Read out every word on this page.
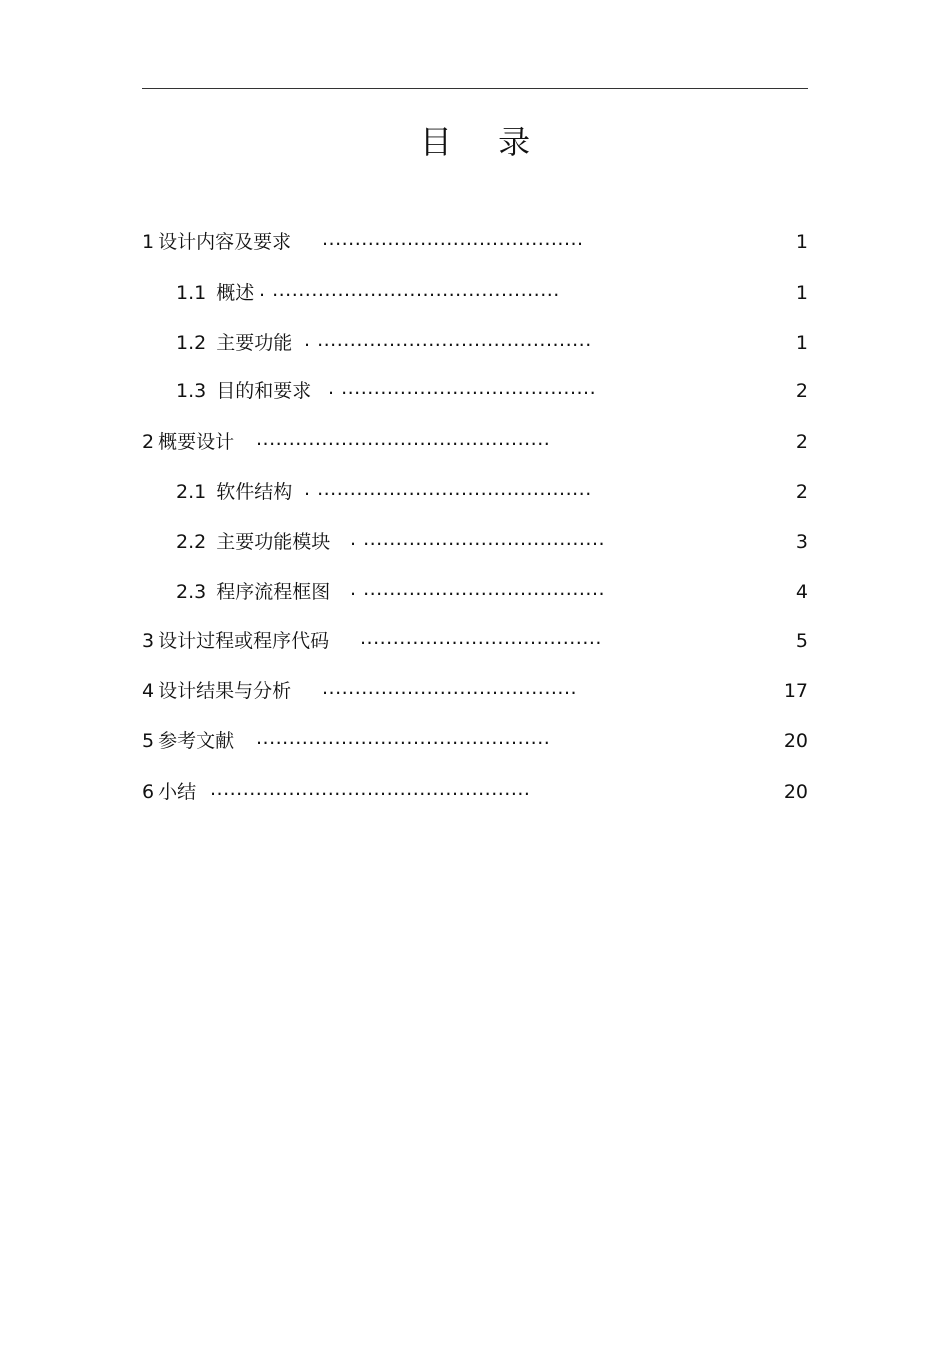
目 录
1 设计内容及要求 ........................................	1
1.1 概述 . ............................................	1
1.2 主要功能 . ..........................................	1
1.3 目的和要求 . .......................................	2
2 概要设计 .............................................	2
2.1 软件结构 . ..........................................	2
2.2 主要功能模块 . .....................................	3
2.3 程序流程框图 . .....................................	4
3 设计过程或程序代码 .....................................	5
4 设计结果与分析 .......................................	17
5 参考文献 .............................................	20
6 小结 .................................................	20
